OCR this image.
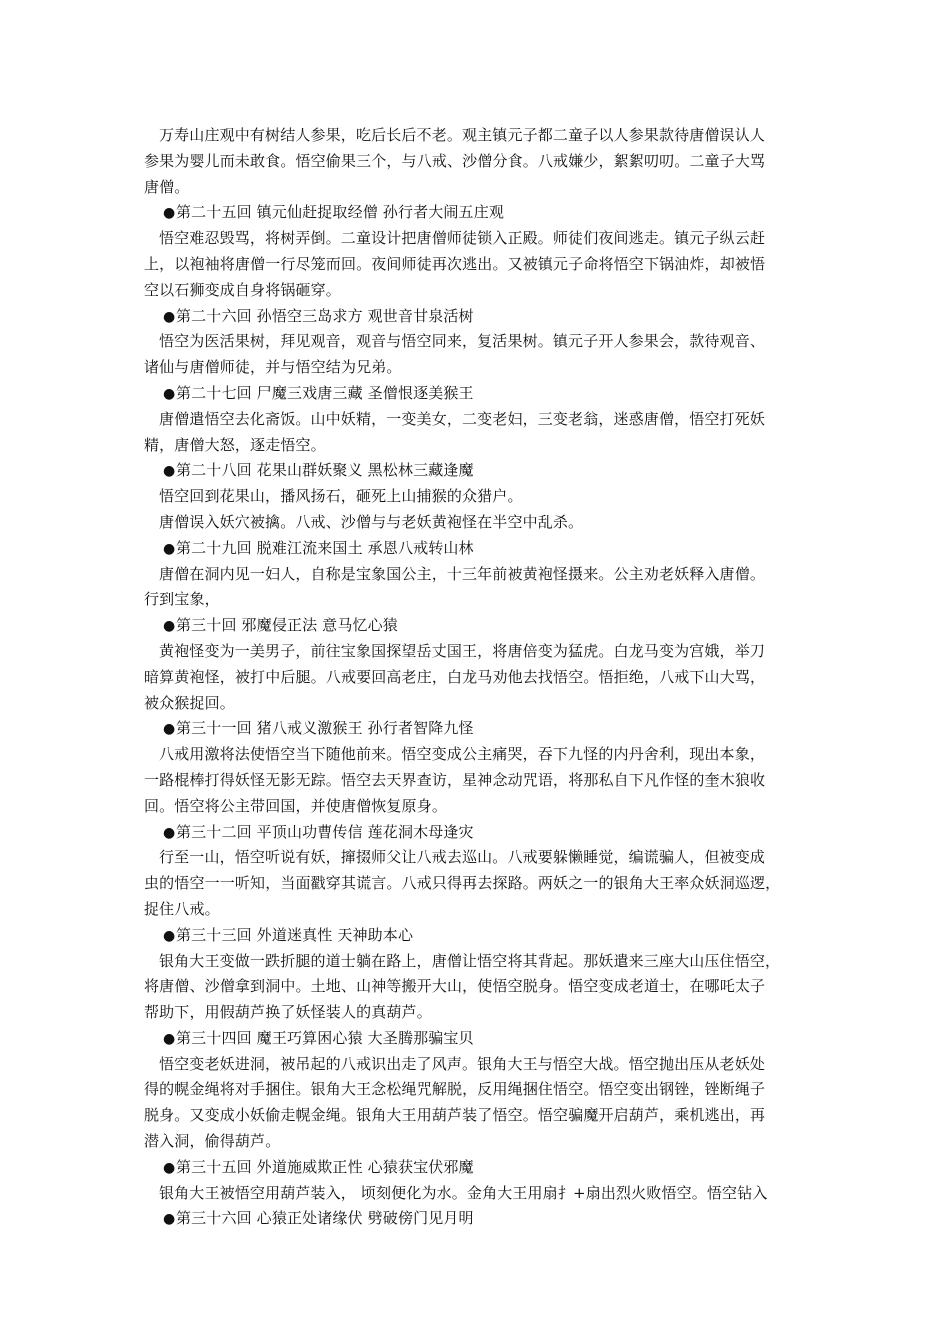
万寿山庄观中有树结人参果，吃后长后不老。观主镇元子都二童子以人参果款待唐僧误认人
参果为婴儿而未敢食。悟空偷果三个，与八戒、沙僧分食。八戒嫌少，絮絮叨叨。二童子大骂
唐僧。
●第二十五回 镇元仙赶捉取经僧 孙行者大闹五庄观
悟空难忍毁骂，将树弄倒。二童设计把唐僧师徒锁入正殿。师徒们夜间逃走。镇元子纵云赶
上，以袍袖将唐僧一行尽笼而回。夜间师徒再次逃出。又被镇元子命将悟空下锅油炸，却被悟
空以石狮变成自身将锅砸穿。
●第二十六回 孙悟空三岛求方 观世音甘泉活树
悟空为医活果树，拜见观音，观音与悟空同来，复活果树。镇元子开人参果会，款待观音、
诸仙与唐僧师徒，并与悟空结为兄弟。
●第二十七回 尸魔三戏唐三藏 圣僧恨逐美猴王
唐僧遣悟空去化斋饭。山中妖精，一变美女，二变老妇，三变老翁，迷惑唐僧，悟空打死妖
精，唐僧大怒，逐走悟空。
●第二十八回 花果山群妖聚义 黑松林三藏逢魔
悟空回到花果山，播风扬石，砸死上山捕猴的众猎户。
唐僧误入妖穴被擒。八戒、沙僧与与老妖黄袍怪在半空中乱杀。
●第二十九回 脱难江流来国土 承恩八戒转山林
唐僧在洞内见一妇人，自称是宝象国公主，十三年前被黄袍怪摄来。公主劝老妖释入唐僧。
行到宝象，
●第三十回 邪魔侵正法 意马忆心猿
黄袍怪变为一美男子，前往宝象国探望岳丈国王，将唐倍变为猛虎。白龙马变为宫娥，举刀
暗算黄袍怪，被打中后腿。八戒要回高老庄，白龙马劝他去找悟空。悟拒绝，八戒下山大骂，
被众猴捉回。
●第三十一回 猪八戒义激猴王 孙行者智降九怪
八戒用激将法使悟空当下随他前来。悟空变成公主痛哭，吞下九怪的内丹舍利，现出本象，
一路棍棒打得妖怪无影无踪。悟空去天界查访，星神念动咒语，将那私自下凡作怪的奎木狼收
回。悟空将公主带回国，并使唐僧恢复原身。
●第三十二回 平顶山功曹传信 莲花洞木母逢灾
行至一山，悟空听说有妖，撺掇师父让八戒去巡山。八戒要躲懒睡觉，编谎骗人，但被变成
虫的悟空一一听知，当面戳穿其谎言。八戒只得再去探路。两妖之一的银角大王率众妖洞巡逻，
捉住八戒。
●第三十三回 外道迷真性 天神助本心
银角大王变做一跌折腿的道士躺在路上，唐僧让悟空将其背起。那妖遣来三座大山压住悟空，
将唐僧、沙僧拿到洞中。土地、山神等搬开大山，使悟空脱身。悟空变成老道士，在哪吒太子
帮助下，用假葫芦换了妖怪装人的真葫芦。
●第三十四回 魔王巧算困心猿 大圣腾那骗宝贝
悟空变老妖进洞，被吊起的八戒识出走了风声。银角大王与悟空大战。悟空抛出压从老妖处
得的幌金绳将对手捆住。银角大王念松绳咒解脱，反用绳捆住悟空。悟空变出钢锉，锉断绳子
脱身。又变成小妖偷走幌金绳。银角大王用葫芦装了悟空。悟空骗魔开启葫芦，乘机逃出，再
潜入洞，偷得葫芦。
●第三十五回 外道施威欺正性 心猿获宝伏邪魔
银角大王被悟空用葫芦装入， 顷刻便化为水。金角大王用扇扌+扇出烈火败悟空。悟空钻入
●第三十六回 心猿正处诸缘伏 劈破傍门见月明
